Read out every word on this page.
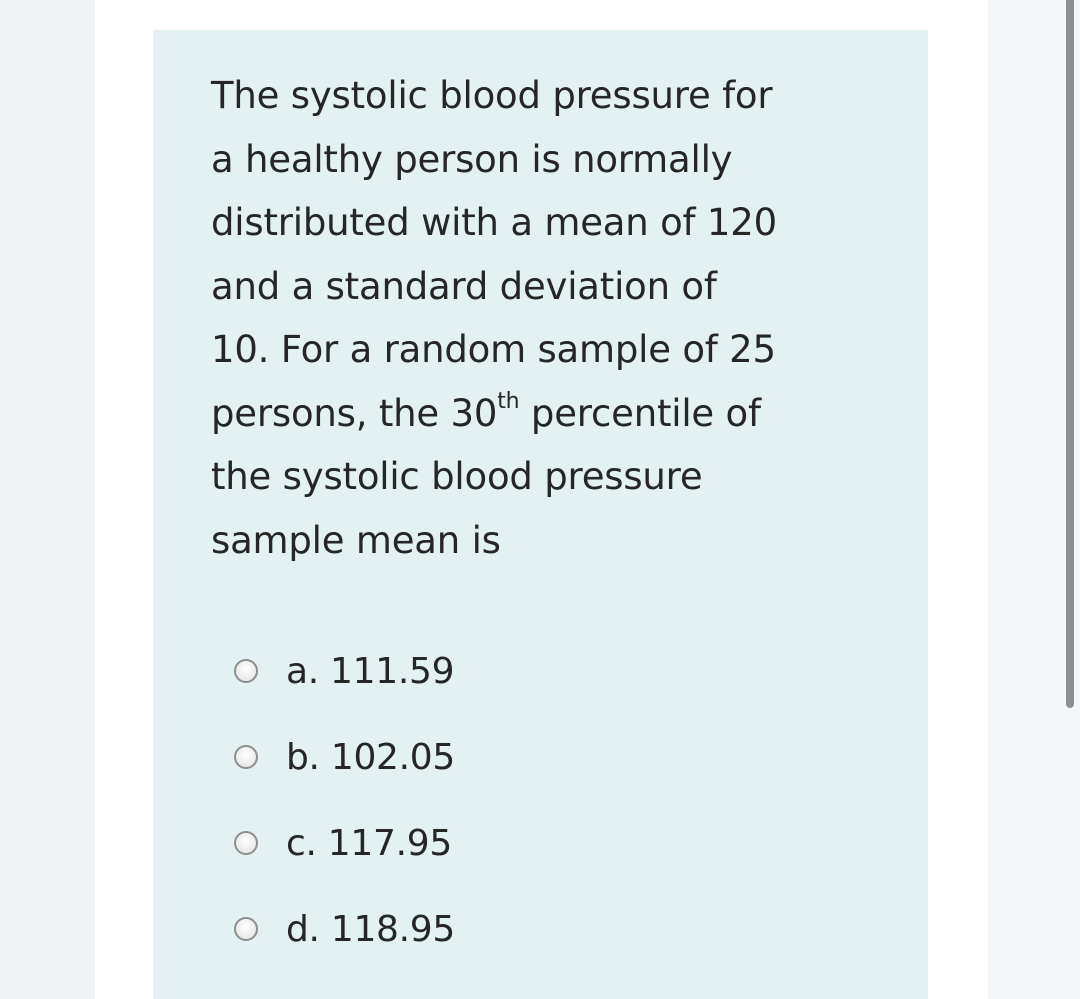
The systolic blood pressure for
a healthy person is normally
distributed with a mean of 120
and a standard deviation of
10. For a random sample of 25
persons, the 30th percentile of
the systolic blood pressure
sample mean is
a. 111.59
b. 102.05
c. 117.95
d. 118.95
